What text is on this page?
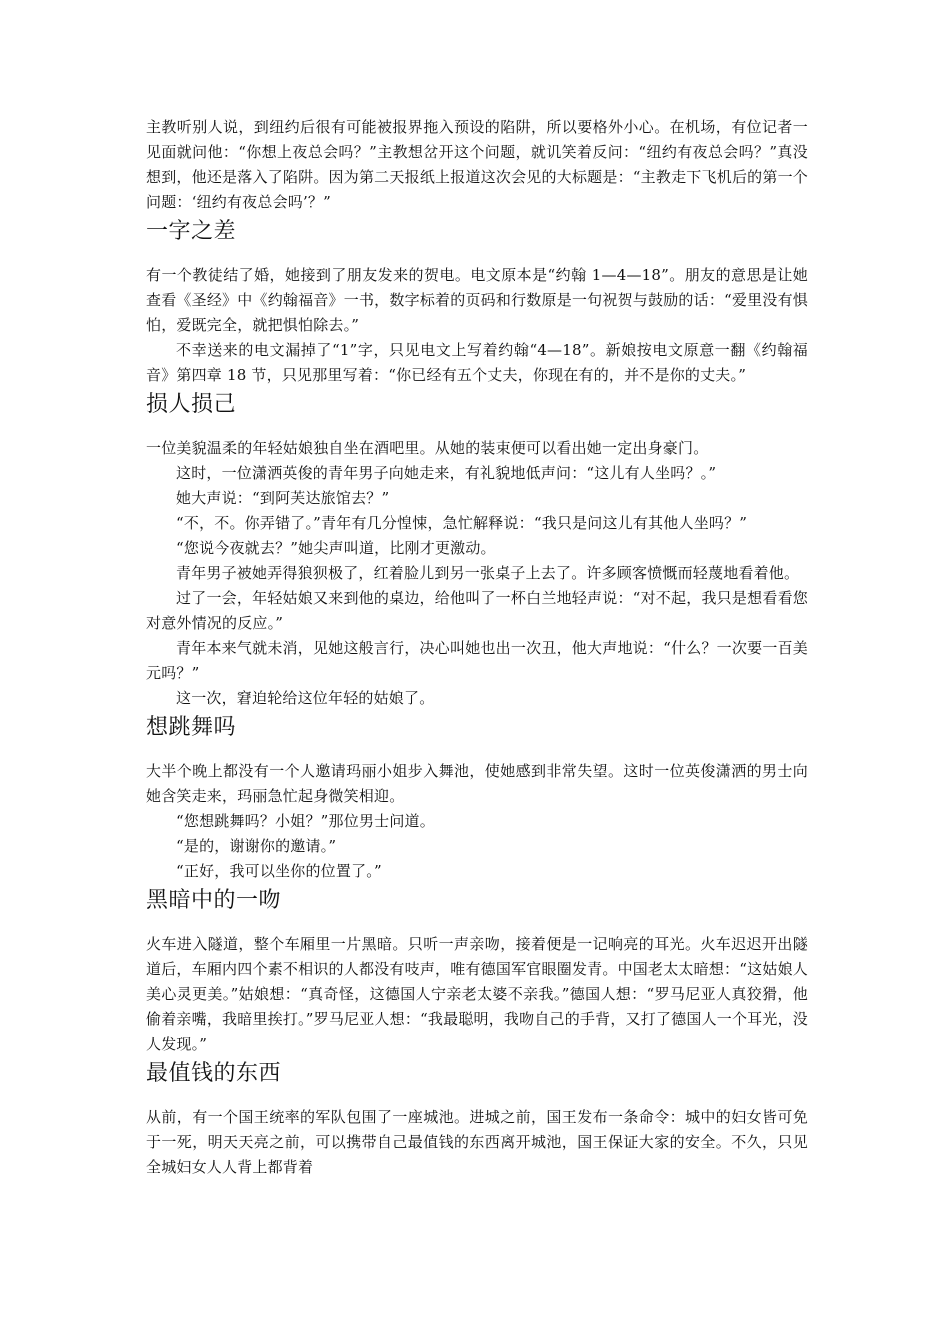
主教听别人说，到纽约后很有可能被报界拖入预设的陷阱，所以要格外小心。在机场，有位记者一见面就问他：“你想上夜总会吗？”主教想岔开这个问题，就讥笑着反问：“纽约有夜总会吗？”真没想到，他还是落入了陷阱。因为第二天报纸上报道这次会见的大标题是：“主教走下飞机后的第一个问题：‘纽约有夜总会吗’？”

一字之差

有一个教徒结了婚，她接到了朋友发来的贺电。电文原本是“约翰 1—4—18”。朋友的意思是让她查看《圣经》中《约翰福音》一书，数字标着的页码和行数原是一句祝贺与鼓励的话：“爱里没有惧怕，爱既完全，就把惧怕除去。”

不幸送来的电文漏掉了“1”字，只见电文上写着约翰“4—18”。新娘按电文原意一翻《约翰福音》第四章 18 节，只见那里写着：“你已经有五个丈夫，你现在有的，并不是你的丈夫。”

损人损己

一位美貌温柔的年轻姑娘独自坐在酒吧里。从她的装束便可以看出她一定出身豪门。

这时，一位潇洒英俊的青年男子向她走来，有礼貌地低声问：“这儿有人坐吗？。”

她大声说：“到阿芙达旅馆去？”

“不，不。你弄错了。”青年有几分惶悚，急忙解释说：“我只是问这儿有其他人坐吗？”

“您说今夜就去？”她尖声叫道，比刚才更激动。

青年男子被她弄得狼狈极了，红着脸儿到另一张桌子上去了。许多顾客愤慨而轻蔑地看着他。

过了一会，年轻姑娘又来到他的桌边，给他叫了一杯白兰地轻声说：“对不起，我只是想看看您对意外情况的反应。”

青年本来气就未消，见她这般言行，决心叫她也出一次丑，他大声地说：“什么？一次要一百美元吗？”

这一次，窘迫轮给这位年轻的姑娘了。

想跳舞吗

大半个晚上都没有一个人邀请玛丽小姐步入舞池，使她感到非常失望。这时一位英俊潇洒的男士向她含笑走来，玛丽急忙起身微笑相迎。

“您想跳舞吗？小姐？”那位男士问道。

“是的，谢谢你的邀请。”

“正好，我可以坐你的位置了。”

黑暗中的一吻

火车进入隧道，整个车厢里一片黑暗。只听一声亲吻，接着便是一记响亮的耳光。火车迟迟开出隧道后，车厢内四个素不相识的人都没有吱声，唯有德国军官眼圈发青。中国老太太暗想：“这姑娘人美心灵更美。”姑娘想：“真奇怪，这德国人宁亲老太婆不亲我。”德国人想：“罗马尼亚人真狡猾，他偷着亲嘴，我暗里挨打。”罗马尼亚人想：“我最聪明，我吻自己的手背，又打了德国人一个耳光，没人发现。”

最值钱的东西

从前，有一个国王统率的军队包围了一座城池。进城之前，国王发布一条命令：城中的妇女皆可免于一死，明天天亮之前，可以携带自己最值钱的东西离开城池，国王保证大家的安全。不久，只见全城妇女人人背上都背着
